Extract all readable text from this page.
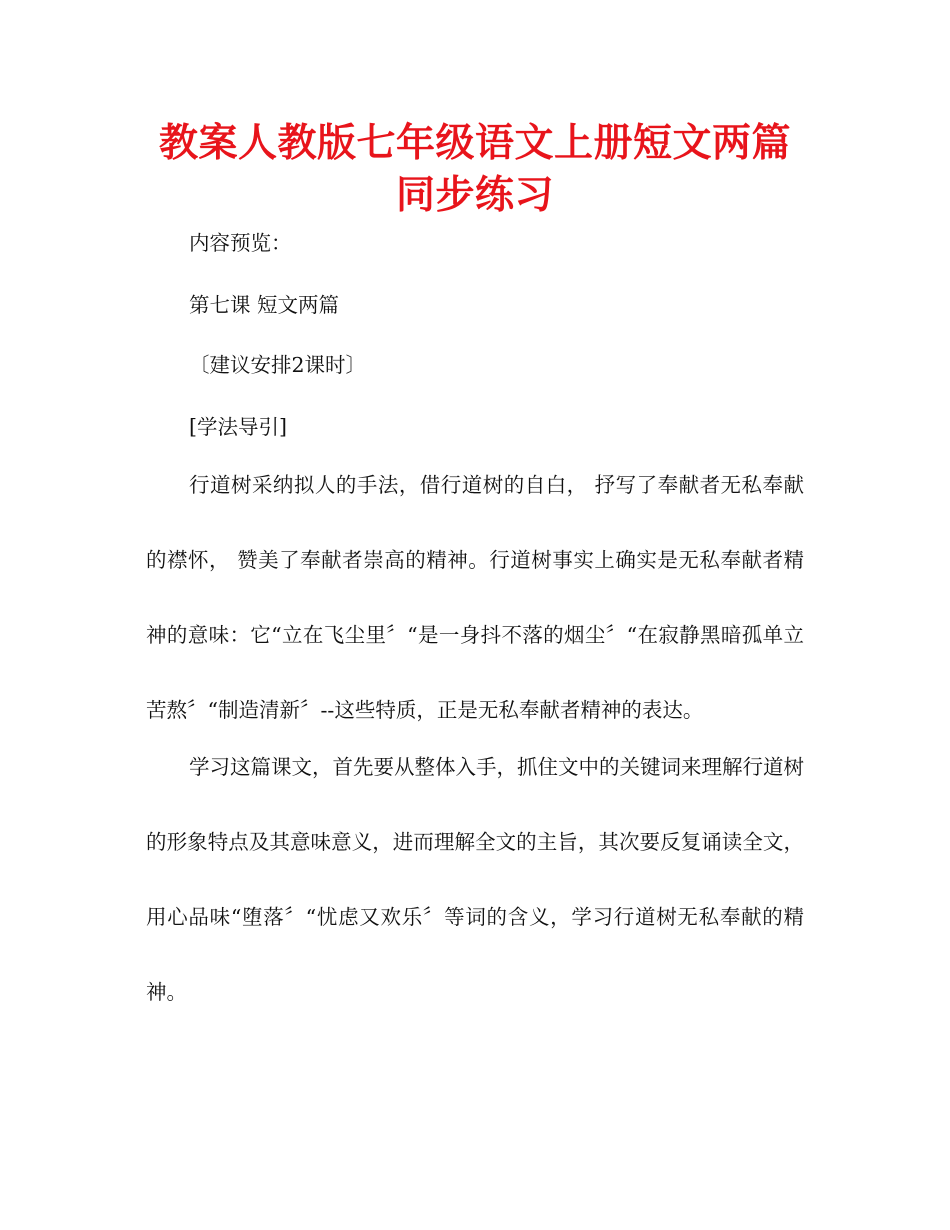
教案人教版七年级语文上册短文两篇同步练习

内容预览：

第七课 短文两篇

〔建议安排2课时〕

[学法导引]

行道树采纳拟人的手法，借行道树的自白， 抒写了奉献者无私奉献的襟怀， 赞美了奉献者崇高的精神。行道树事实上确实是无私奉献者精神的意味：它“立在飞尘里〞“是一身抖不落的烟尘〞“在寂静黑暗孤单立苦熬〞“制造清新〞--这些特质，正是无私奉献者精神的表达。

学习这篇课文，首先要从整体入手，抓住文中的关键词来理解行道树的形象特点及其意味意义，进而理解全文的主旨，其次要反复诵读全文，用心品味“堕落〞“忧虑又欢乐〞等词的含义，学习行道树无私奉献的精神。
